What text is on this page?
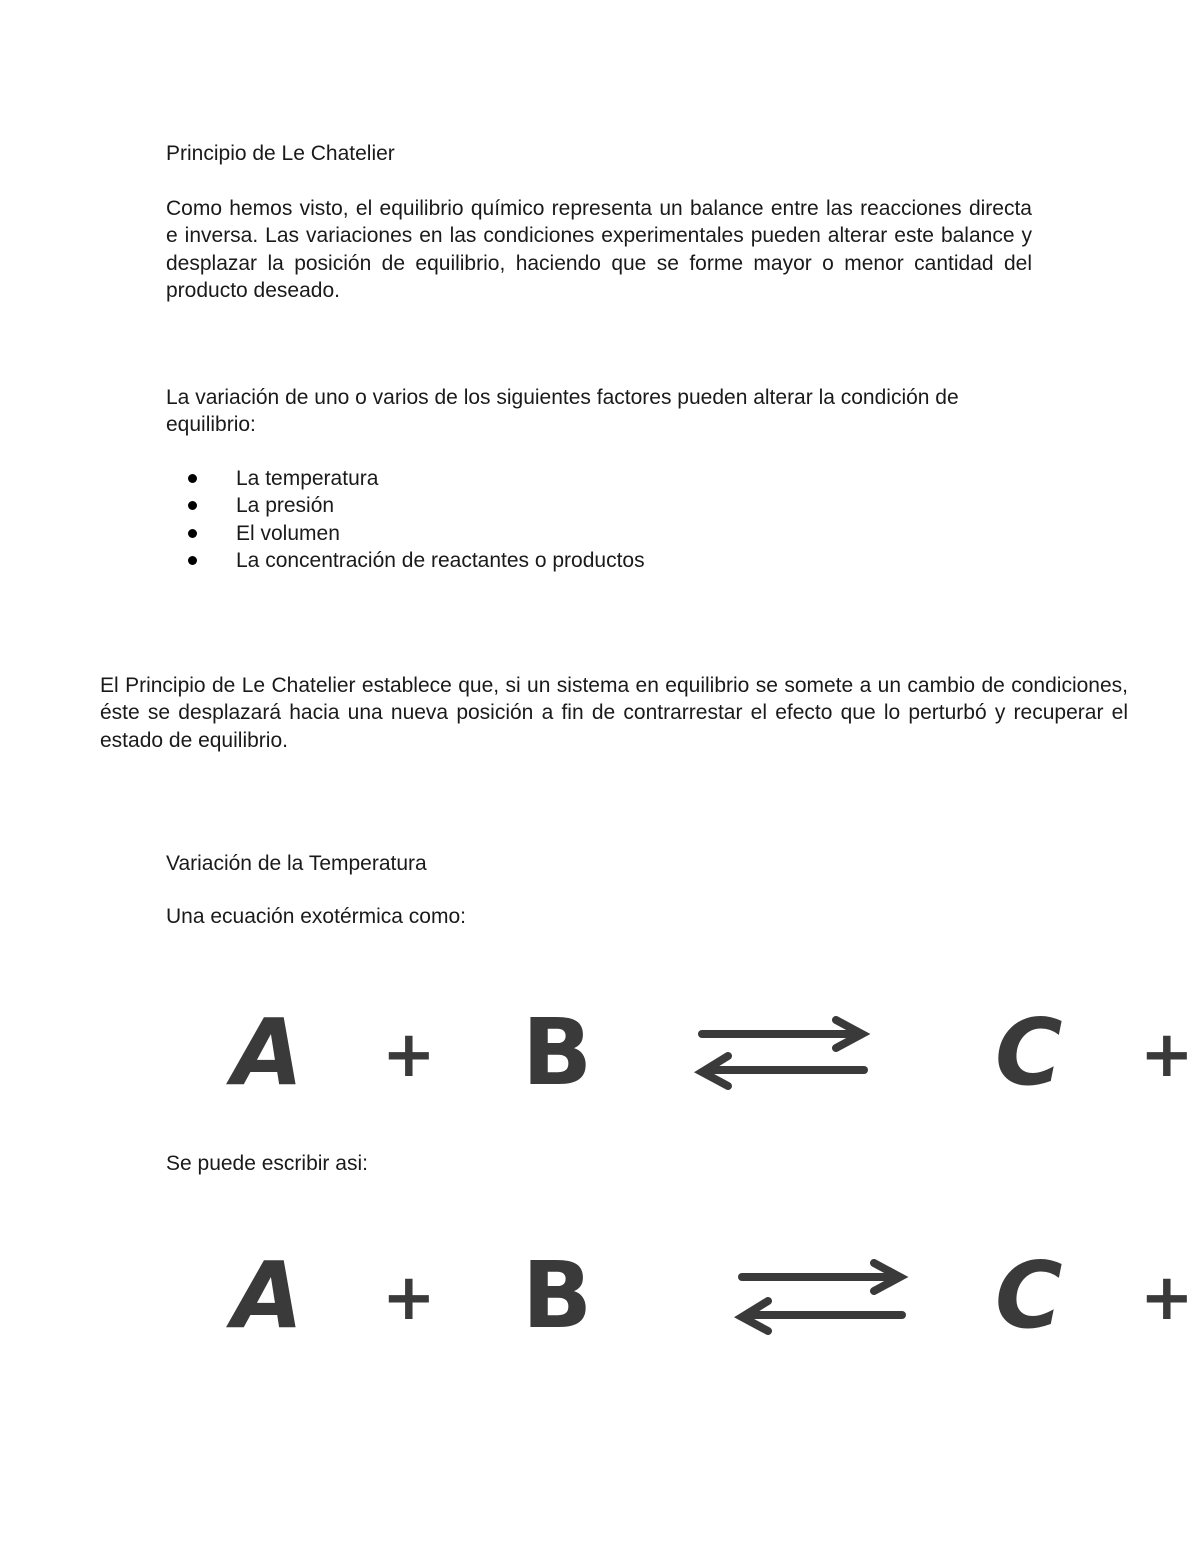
Principio de Le Chatelier

Como hemos visto, el equilibrio químico representa un balance entre las reacciones directa e inversa. Las variaciones en las condiciones experimentales pueden alterar este balance y desplazar la posición de equilibrio, haciendo que se forme mayor o menor cantidad del producto deseado.

La variación de uno o varios de los siguientes factores pueden alterar la condición de equilibrio:

La temperatura
La presión
El volumen
La concentración de reactantes o productos

El Principio de Le Chatelier establece que, si un sistema en equilibrio se somete a un cambio de condiciones, éste se desplazará hacia una nueva posición a fin de contrarrestar el efecto que lo perturbó y recuperar el estado de equilibrio.

Variación de la Temperatura

Una ecuación exotérmica como:

A + B	C +

Se puede escribir asi:

A + B	C +
